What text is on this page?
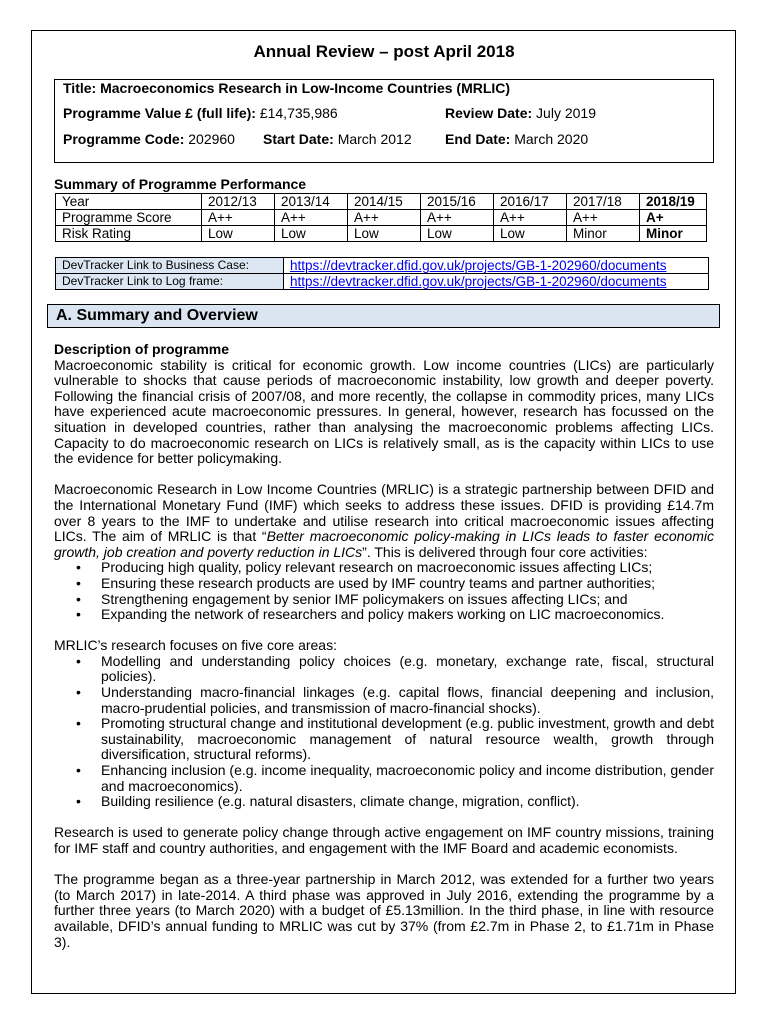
Annual Review – post April 2018
Title: Macroeconomics Research in Low-Income Countries (MRLIC)
Programme Value £ (full life): £14,735,986	Review Date: July 2019
Programme Code: 202960 Start Date: March 2012 End Date: March 2020
Summary of Programme Performance
Year	2012/13	2013/14	2014/15	2015/16	2016/17	2017/18	2018/19
Programme Score	A++	A++	A++	A++	A++	A++	A+
Risk Rating	Low	Low	Low	Low	Low	Minor	Minor
DevTracker Link to Business Case:	https://devtracker.dfid.gov.uk/projects/GB-1-202960/documents
DevTracker Link to Log frame:	https://devtracker.dfid.gov.uk/projects/GB-1-202960/documents
A. Summary and Overview

Description of programme

Macroeconomic stability is critical for economic growth. Low income countries (LICs) are particularly vulnerable to shocks that cause periods of macroeconomic instability, low growth and deeper poverty. Following the financial crisis of 2007/08, and more recently, the collapse in commodity prices, many LICs have experienced acute macroeconomic pressures. In general, however, research has focussed on the situation in developed countries, rather than analysing the macroeconomic problems affecting LICs. Capacity to do macroeconomic research on LICs is relatively small, as is the capacity within LICs to use the evidence for better policymaking.

Macroeconomic Research in Low Income Countries (MRLIC) is a strategic partnership between DFID and the International Monetary Fund (IMF) which seeks to address these issues. DFID is providing £14.7m over 8 years to the IMF to undertake and utilise research into critical macroeconomic issues affecting LICs. The aim of MRLIC is that “Better macroeconomic policy-making in LICs leads to faster economic growth, job creation and poverty reduction in LICs”. This is delivered through four core activities:

• Producing high quality, policy relevant research on macroeconomic issues affecting LICs;
• Ensuring these research products are used by IMF country teams and partner authorities;
• Strengthening engagement by senior IMF policymakers on issues affecting LICs; and
• Expanding the network of researchers and policy makers working on LIC macroeconomics.

MRLIC’s research focuses on five core areas:

• Modelling and understanding policy choices (e.g. monetary, exchange rate, fiscal, structural policies).
• Understanding macro-financial linkages (e.g. capital flows, financial deepening and inclusion, macro-prudential policies, and transmission of macro-financial shocks).
• Promoting structural change and institutional development (e.g. public investment, growth and debt sustainability, macroeconomic management of natural resource wealth, growth through diversification, structural reforms).
• Enhancing inclusion (e.g. income inequality, macroeconomic policy and income distribution, gender and macroeconomics).
• Building resilience (e.g. natural disasters, climate change, migration, conflict).

Research is used to generate policy change through active engagement on IMF country missions, training for IMF staff and country authorities, and engagement with the IMF Board and academic economists.

The programme began as a three-year partnership in March 2012, was extended for a further two years (to March 2017) in late-2014. A third phase was approved in July 2016, extending the programme by a further three years (to March 2020) with a budget of £5.13million. In the third phase, in line with resource available, DFID’s annual funding to MRLIC was cut by 37% (from £2.7m in Phase 2, to £1.71m in Phase 3).
